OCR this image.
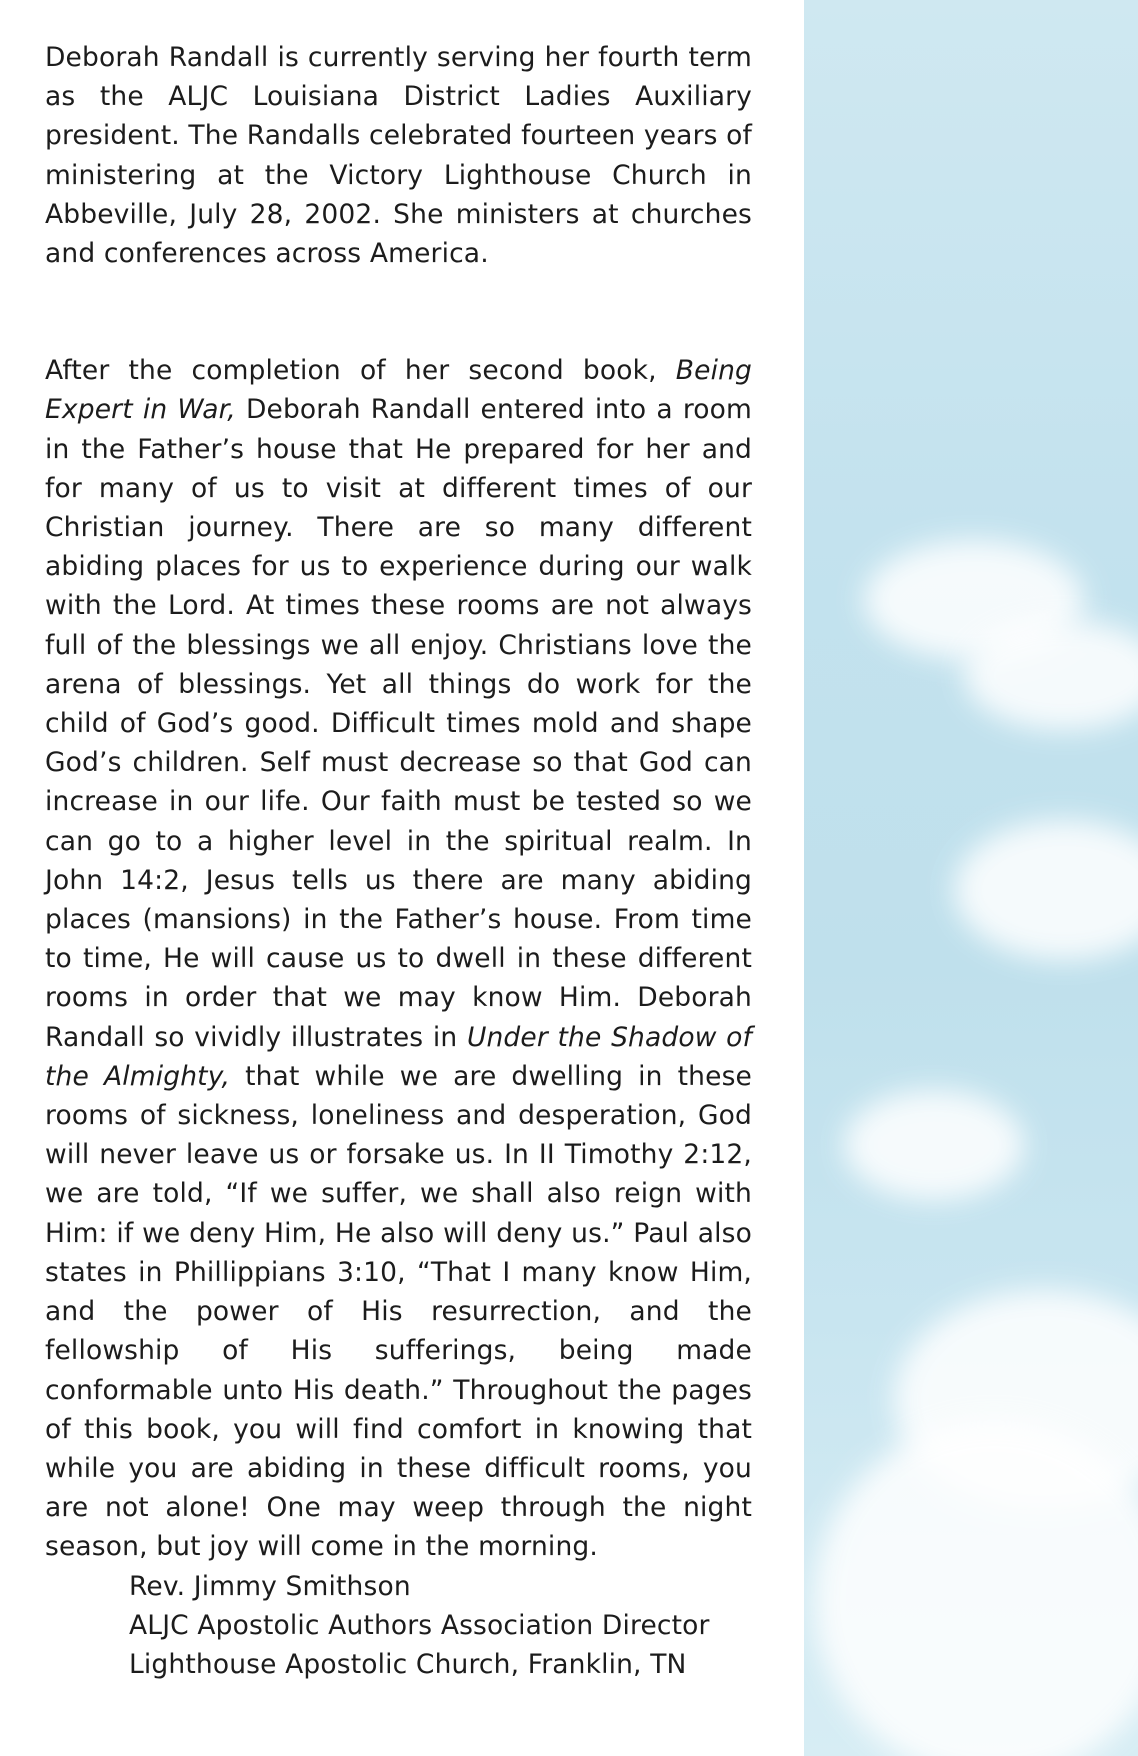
Deborah Randall is currently serving her fourth term as the ALJC Louisiana District Ladies Auxiliary president. The Randalls celebrated fourteen years of ministering at the Victory Lighthouse Church in Abbeville, July 28, 2002. She ministers at churches and conferences across America.

After the completion of her second book, Being Expert in War, Deborah Randall entered into a room in the Father’s house that He prepared for her and for many of us to visit at different times of our Christian journey. There are so many different abiding places for us to experience during our walk with the Lord. At times these rooms are not always full of the blessings we all enjoy. Christians love the arena of blessings. Yet all things do work for the child of God’s good. Difficult times mold and shape God’s children. Self must decrease so that God can increase in our life. Our faith must be tested so we can go to a higher level in the spiritual realm. In John 14:2, Jesus tells us there are many abiding places (mansions) in the Father’s house. From time to time, He will cause us to dwell in these different rooms in order that we may know Him. Deborah Randall so vividly illustrates in Under the Shadow of the Almighty, that while we are dwelling in these rooms of sickness, loneliness and desperation, God will never leave us or forsake us. In II Timothy 2:12, we are told, “If we suffer, we shall also reign with Him: if we deny Him, He also will deny us.” Paul also states in Phillippians 3:10, “That I many know Him, and the power of His resurrection, and the fellowship of His sufferings, being made conformable unto His death.” Throughout the pages of this book, you will find comfort in knowing that while you are abiding in these difficult rooms, you are not alone! One may weep through the night season, but joy will come in the morning.

Rev. Jimmy Smithson
ALJC Apostolic Authors Association Director
Lighthouse Apostolic Church, Franklin, TN
